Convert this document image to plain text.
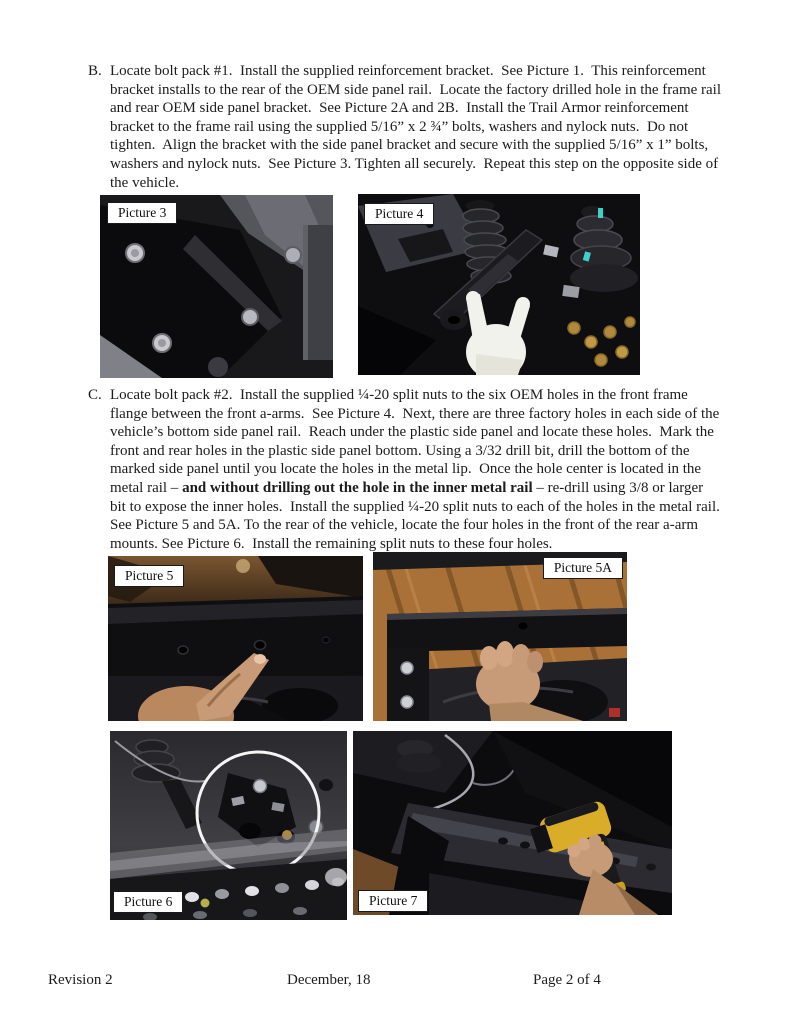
B. Locate bolt pack #1.  Install the supplied reinforcement bracket.  See Picture 1.  This reinforcement
bracket installs to the rear of the OEM side panel rail.  Locate the factory drilled hole in the frame rail
and rear OEM side panel bracket.  See Picture 2A and 2B.  Install the Trail Armor reinforcement
bracket to the frame rail using the supplied 5/16” x 2 ¾” bolts, washers and nylock nuts.  Do not
tighten.  Align the bracket with the side panel bracket and secure with the supplied 5/16” x 1” bolts,
washers and nylock nuts.  See Picture 3. Tighten all securely.  Repeat this step on the opposite side of
the vehicle.
Picture 3	Picture 4
C. Locate bolt pack #2.  Install the supplied ¼-20 split nuts to the six OEM holes in the front frame
flange between the front a-arms.  See Picture 4.  Next, there are three factory holes in each side of the
vehicle’s bottom side panel rail.  Reach under the plastic side panel and locate these holes.  Mark the
front and rear holes in the plastic side panel bottom. Using a 3/32 drill bit, drill the bottom of the
marked side panel until you locate the holes in the metal lip.  Once the hole center is located in the
metal rail – and without drilling out the hole in the inner metal rail – re-drill using 3/8 or larger
bit to expose the inner holes.  Install the supplied ¼-20 split nuts to each of the holes in the metal rail.
See Picture 5 and 5A. To the rear of the vehicle, locate the four holes in the front of the rear a-arm
mounts. See Picture 6.  Install the remaining split nuts to these four holes.
Picture 5
Picture 5A
Picture 6	Picture 7
Revision 2	December, 18	Page 2 of 4
